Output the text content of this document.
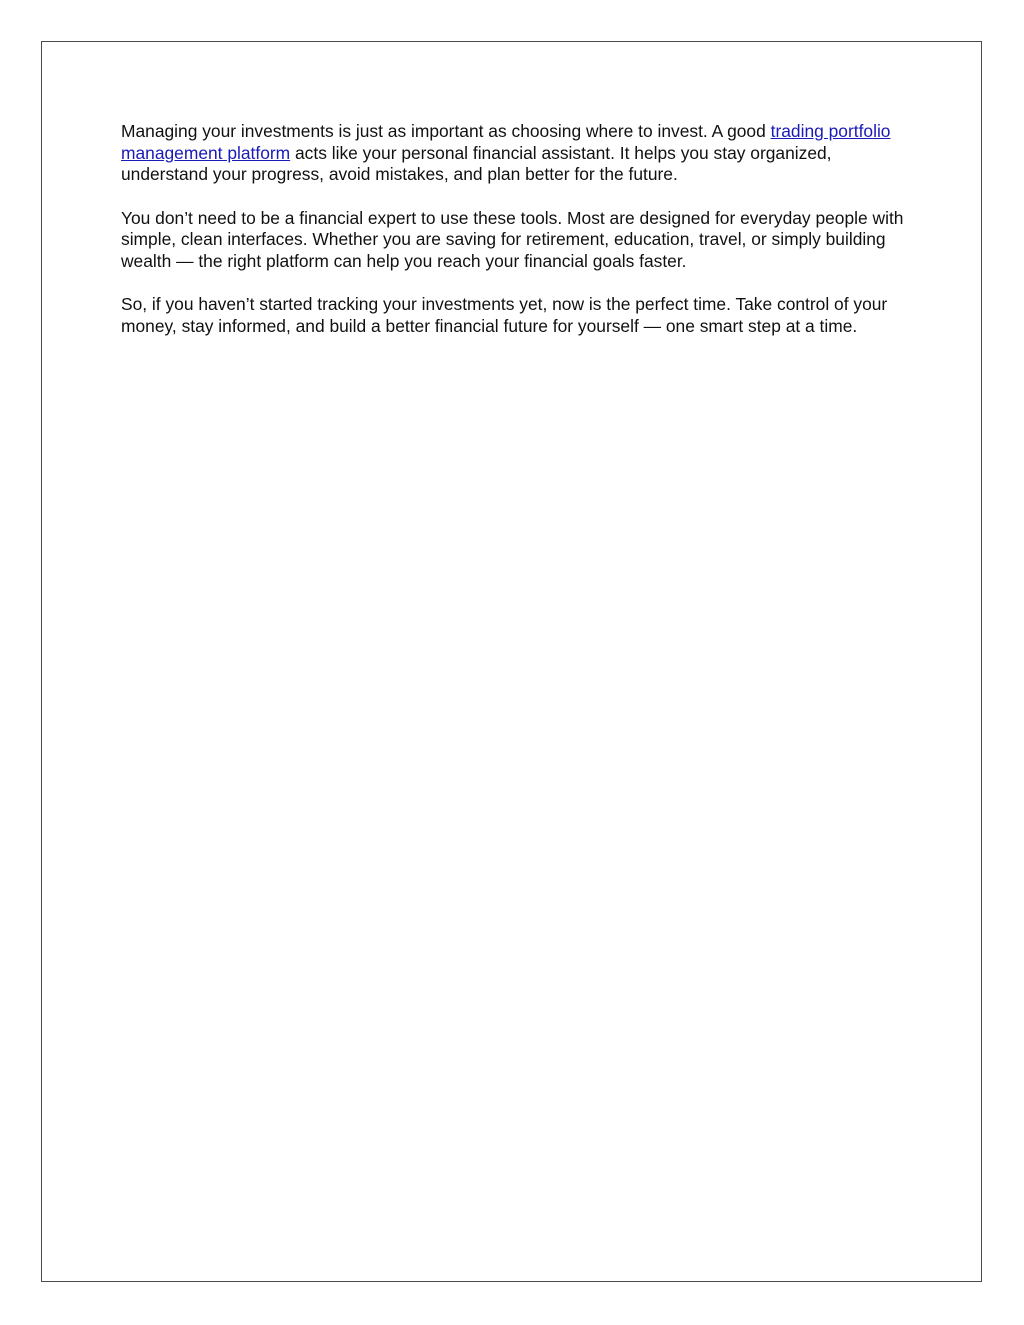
Managing your investments is just as important as choosing where to invest. A good trading portfolio management platform acts like your personal financial assistant. It helps you stay organized, understand your progress, avoid mistakes, and plan better for the future.

You don’t need to be a financial expert to use these tools. Most are designed for everyday people with simple, clean interfaces. Whether you are saving for retirement, education, travel, or simply building wealth — the right platform can help you reach your financial goals faster.

So, if you haven’t started tracking your investments yet, now is the perfect time. Take control of your money, stay informed, and build a better financial future for yourself — one smart step at a time.
